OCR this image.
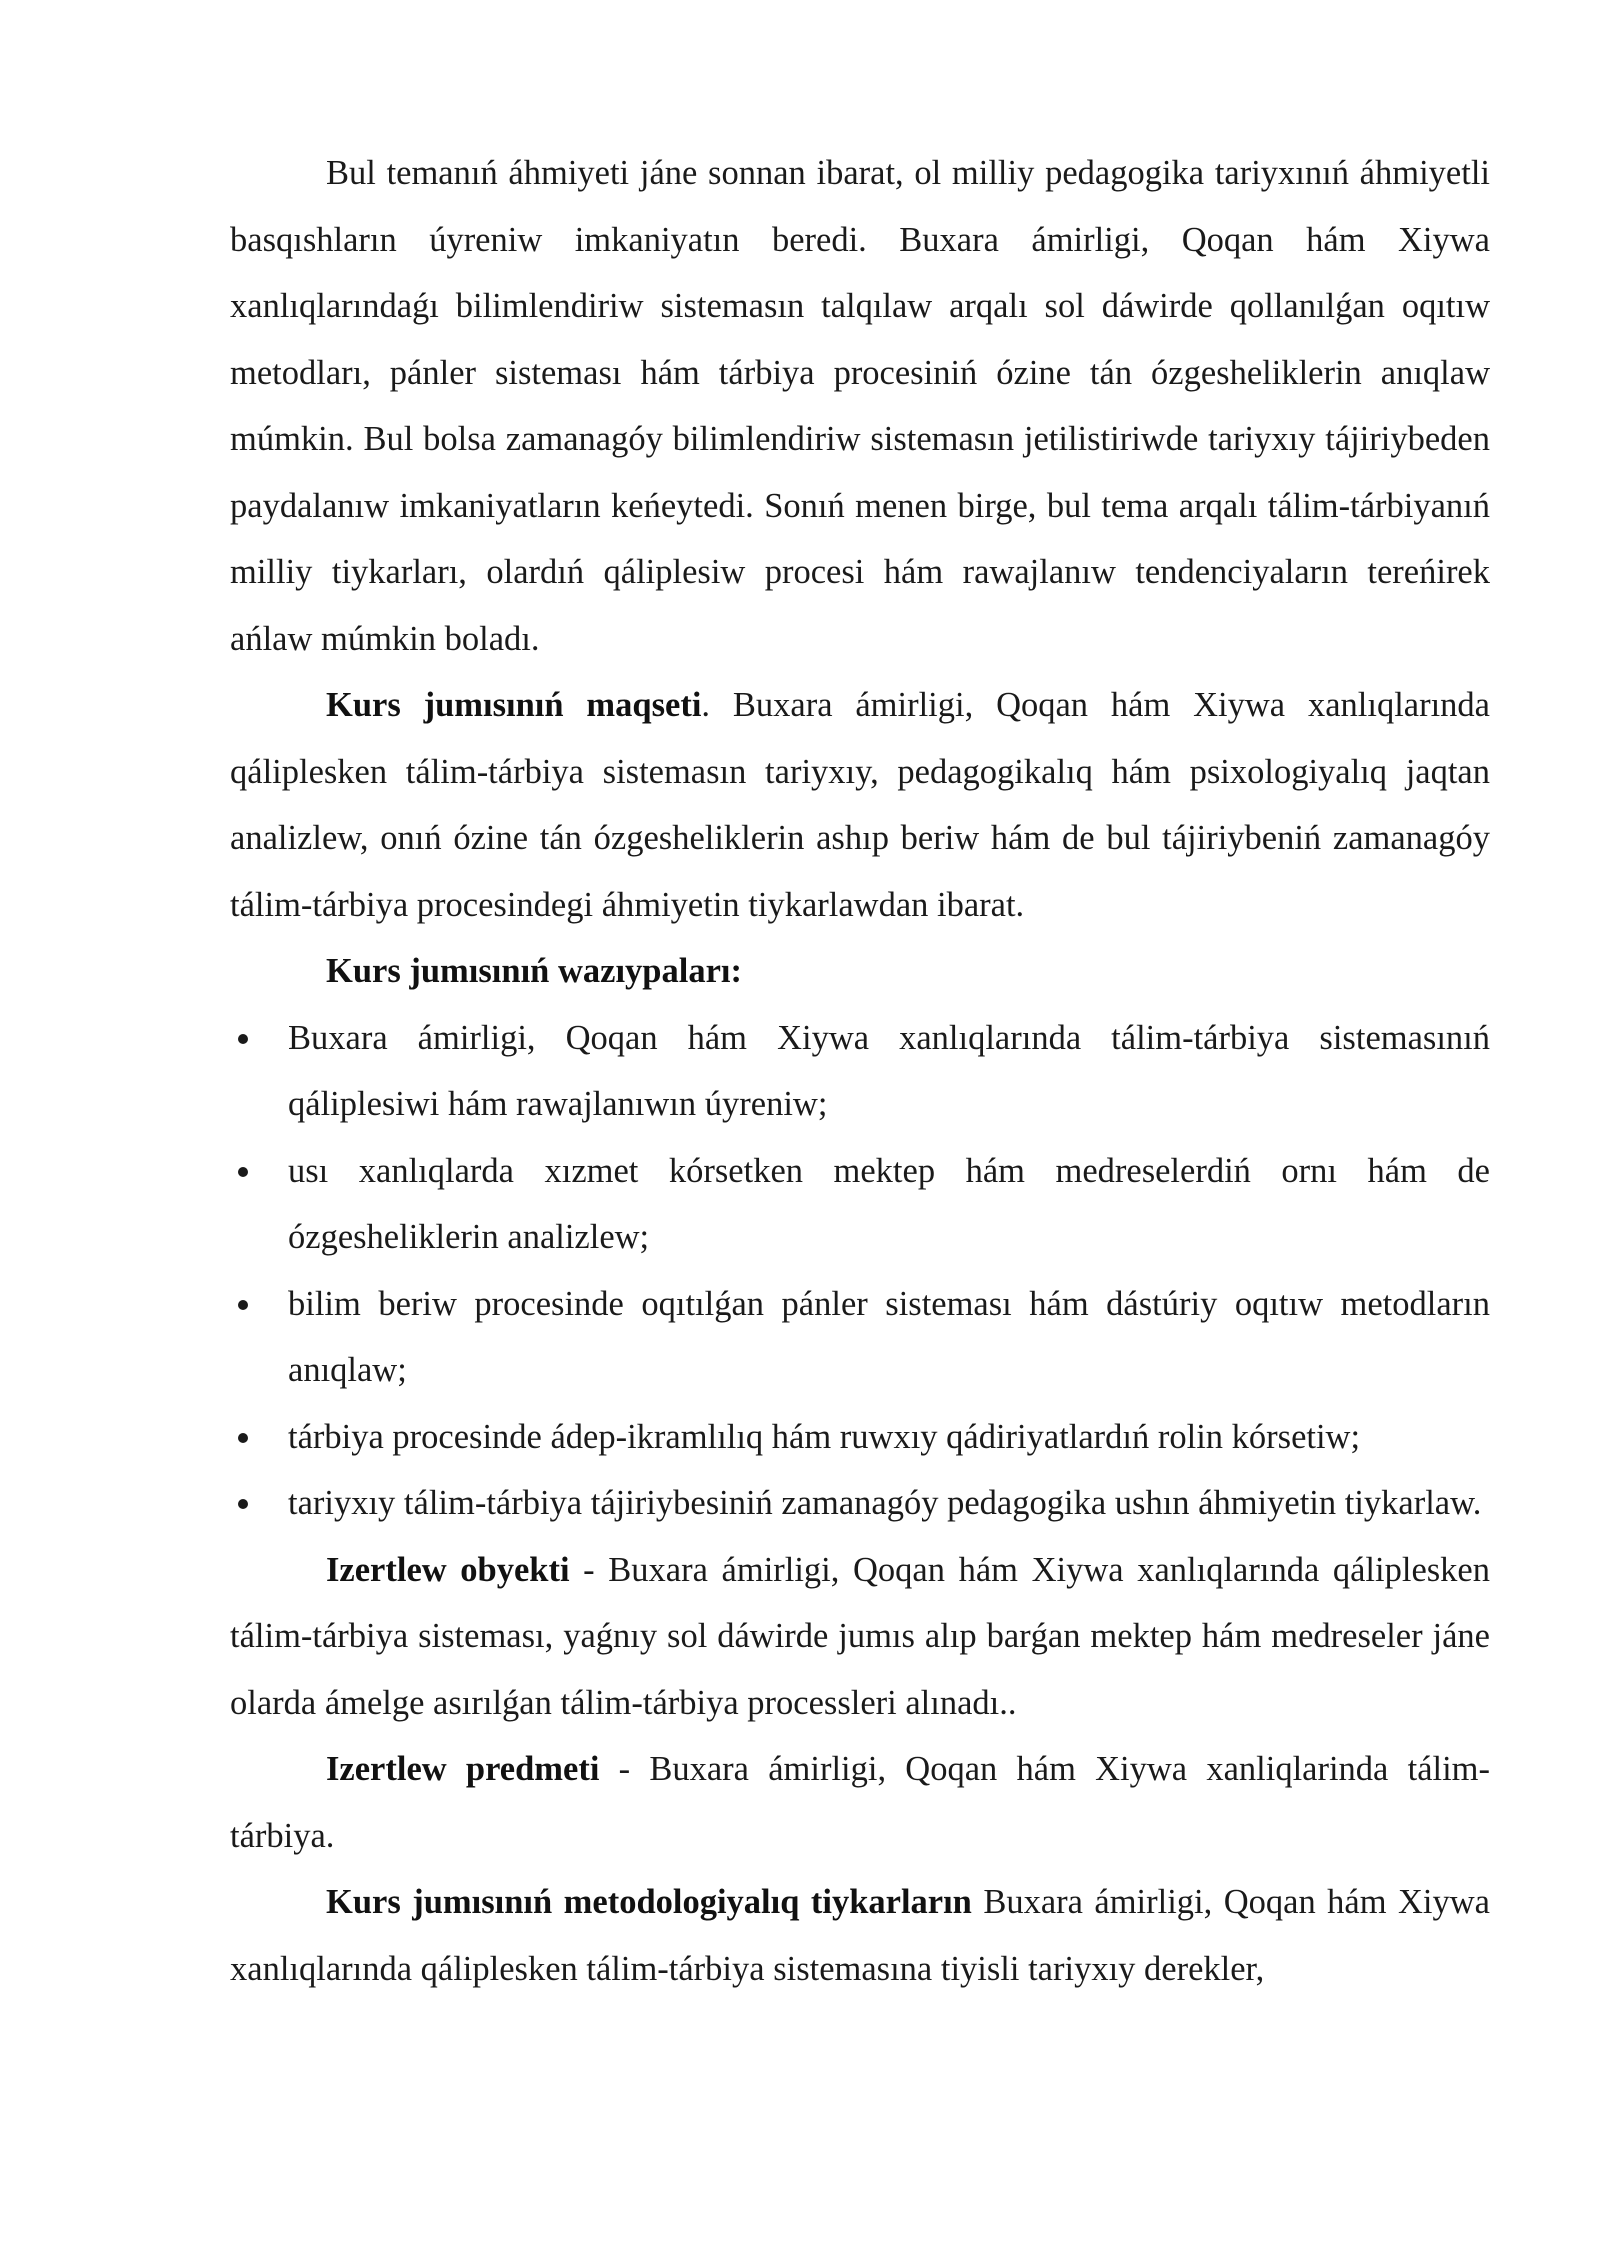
Bul temanıń áhmiyeti jáne sonnan ibarat, ol milliy pedagogika tariyxınıń áhmiyetli basqıshların úyreniw imkaniyatın beredi. Buxara ámirligi, Qoqan hám Xiywa xanlıqlarındaǵı bilimlendiriw sistemasın talqılaw arqalı sol dáwirde qollanılǵan oqıtıw metodları, pánler sisteması hám tárbiya procesiniń ózine tán ózgesheliklerin anıqlaw múmkin. Bul bolsa zamanagóy bilimlendiriw sistemasın jetilistiriwde tariyxıy tájiriybeden paydalanıw imkaniyatların keńeytedi. Sonıń menen birge, bul tema arqalı tálim-tárbiyanıń milliy tiykarları, olardıń qáliplesiw procesi hám rawajlanıw tendenciyaların tereńirek ańlaw múmkin boladı.

Kurs jumısınıń maqseti. Buxara ámirligi, Qoqan hám Xiywa xanlıqlarında qáliplesken tálim-tárbiya sistemasın tariyxıy, pedagogikalıq hám psixologiyalıq jaqtan analizlew, onıń ózine tán ózgesheliklerin ashıp beriw hám de bul tájiriybeniń zamanagóy tálim-tárbiya procesindegi áhmiyetin tiykarlawdan ibarat.

Kurs jumısınıń wazıypaları:

Buxara ámirligi, Qoqan hám Xiywa xanlıqlarında tálim-tárbiya sistemasınıń qáliplesiwi hám rawajlanıwın úyreniw;
usı xanlıqlarda xızmet kórsetken mektep hám medreselerdiń ornı hám de ózgesheliklerin analizlew;
bilim beriw procesinde oqıtılǵan pánler sisteması hám dástúriy oqıtıw metodların anıqlaw;
tárbiya procesinde ádep-ikramlılıq hám ruwxıy qádiriyatlardıń rolin kórsetiw;
tariyxıy tálim-tárbiya tájiriybesiniń zamanagóy pedagogika ushın áhmiyetin tiykarlaw.

Izertlew obyekti - Buxara ámirligi, Qoqan hám Xiywa xanlıqlarında qáliplesken tálim-tárbiya sisteması, yaǵnıy sol dáwirde jumıs alıp barǵan mektep hám medreseler jáne olarda ámelge asırılǵan tálim-tárbiya processleri alınadı..

Izertlew predmeti - Buxara ámirligi, Qoqan hám Xiywa xanliqlarinda tálim-tárbiya.

Kurs jumısınıń metodologiyalıq tiykarların Buxara ámirligi, Qoqan hám Xiywa xanlıqlarında qáliplesken tálim-tárbiya sistemasına tiyisli tariyxıy derekler,
